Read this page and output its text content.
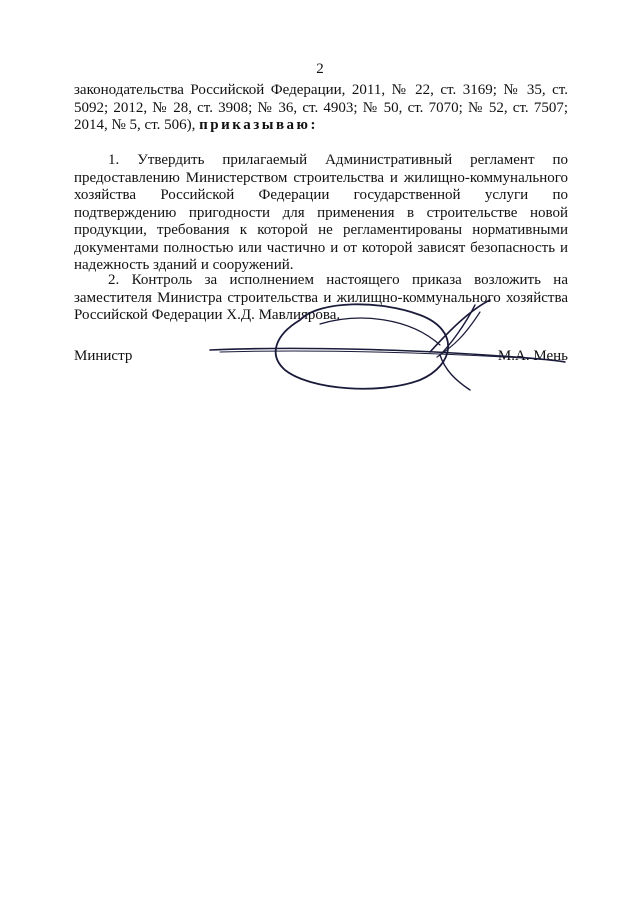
2
законодательства Российской Федерации, 2011, № 22, ст. 3169; № 35, ст. 5092; 2012, № 28, ст. 3908; № 36, ст. 4903; № 50, ст. 7070; № 52, ст. 7507; 2014, № 5, ст. 506), приказываю:
1. Утвердить прилагаемый Административный регламент по предоставлению Министерством строительства и жилищно-коммунального хозяйства Российской Федерации государственной услуги по подтверждению пригодности для применения в строительстве новой продукции, требования к которой не регламентированы нормативными документами полностью или частично и от которой зависят безопасность и надежность зданий и сооружений.
2. Контроль за исполнением настоящего приказа возложить на заместителя Министра строительства и жилищно-коммунального хозяйства Российской Федерации Х.Д. Мавлиярова.
Министр	М.А. Мень
